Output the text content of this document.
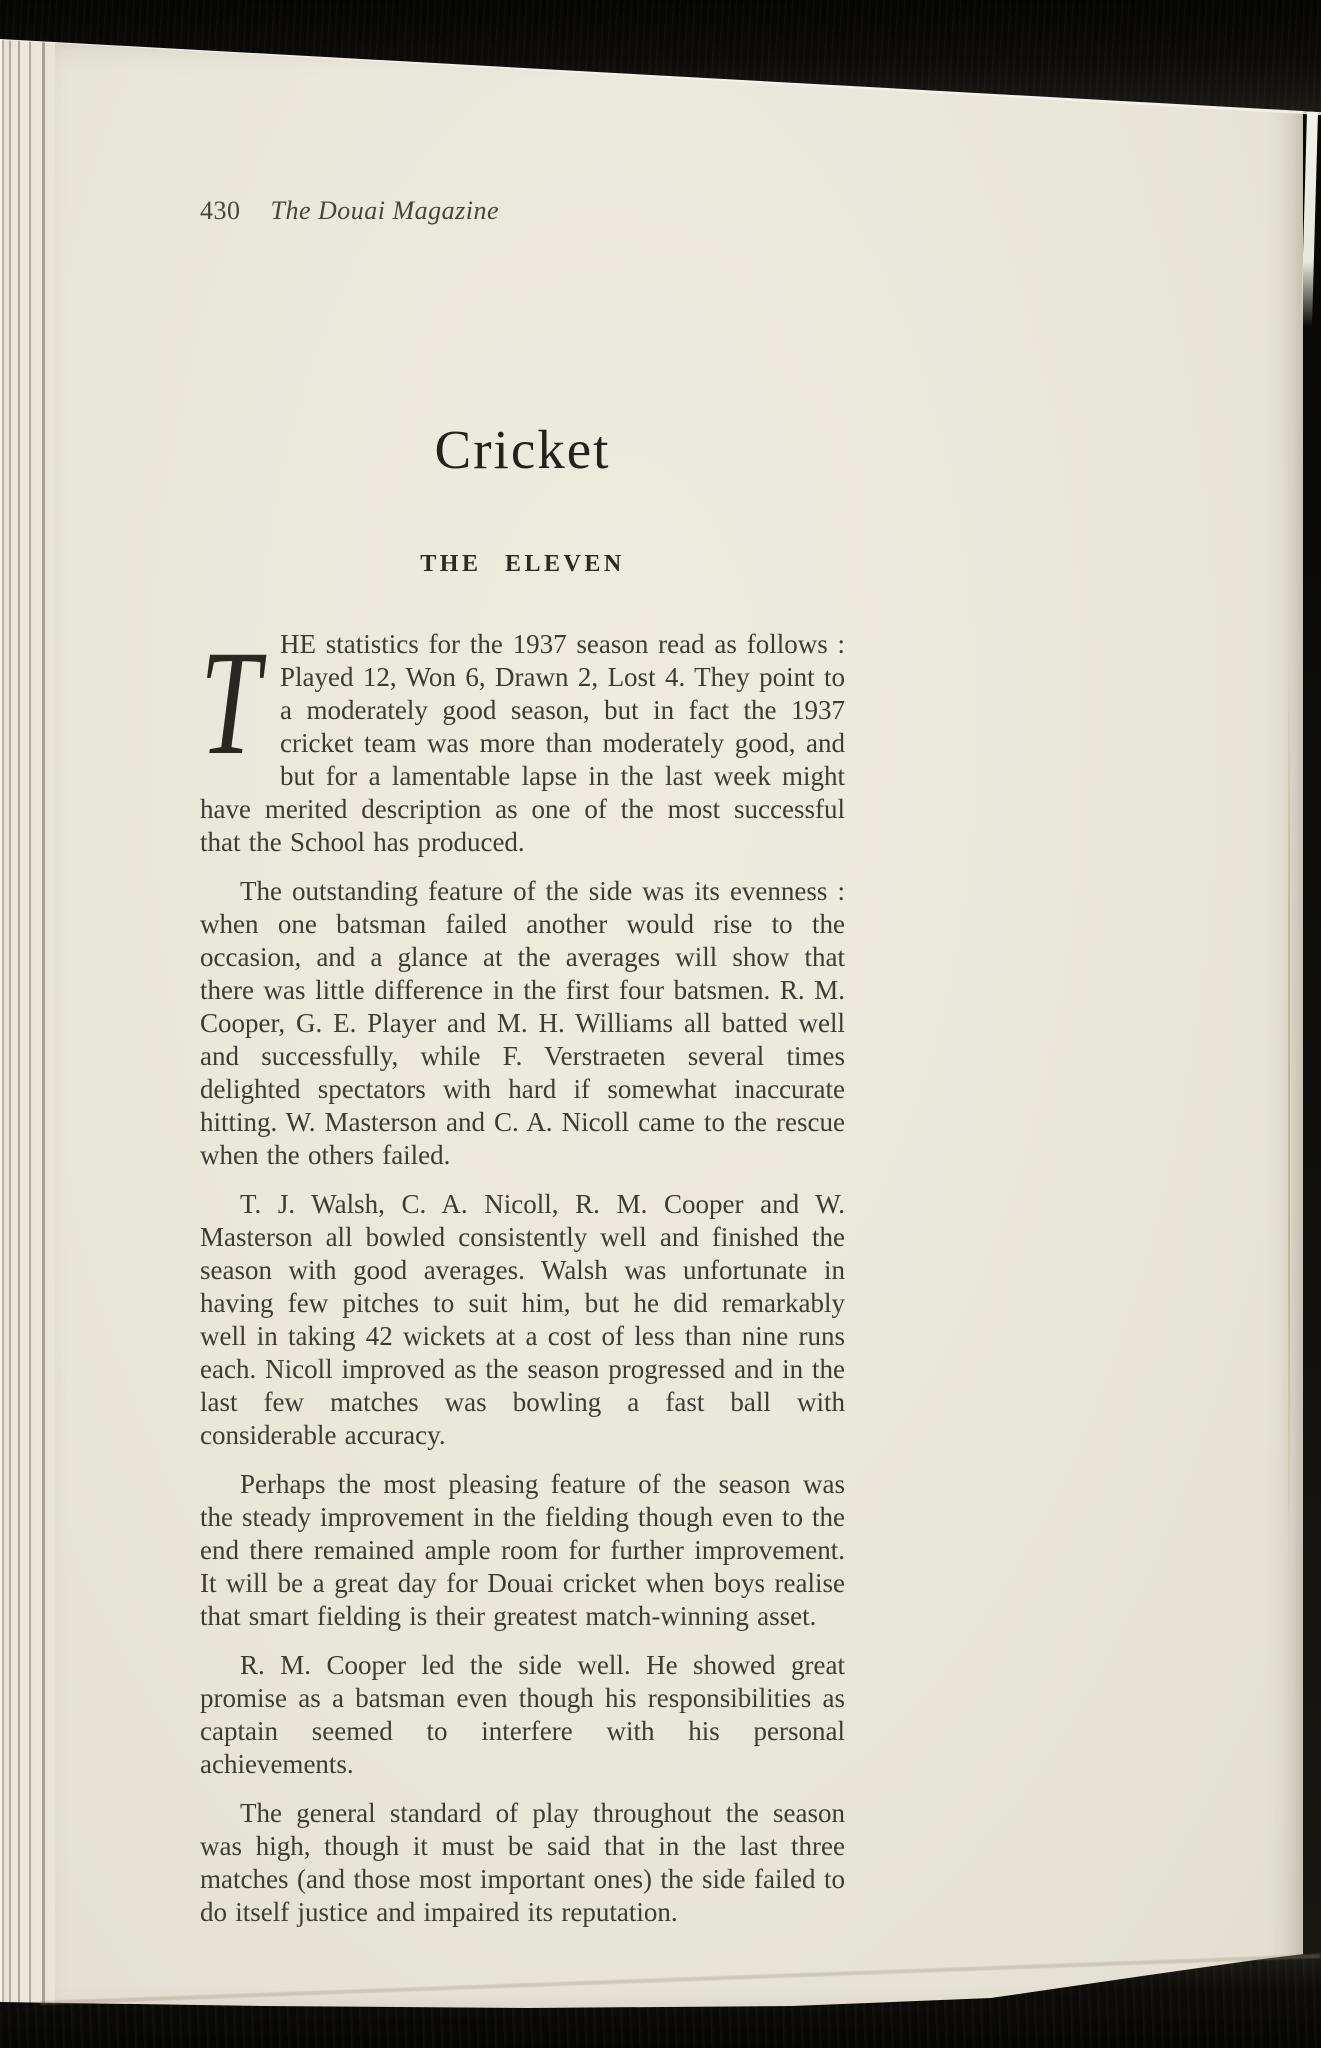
430 The Douai Magazine
Cricket
THE ELEVEN

THE statistics for the 1937 season read as follows : Played 12, Won 6, Drawn 2, Lost 4. They point to a moderately good season, but in fact the 1937 cricket team was more than moderately good, and but for a lamentable lapse in the last week might have merited description as one of the most successful that the School has produced.

The outstanding feature of the side was its evenness : when one batsman failed another would rise to the occasion, and a glance at the averages will show that there was little difference in the first four batsmen. R. M. Cooper, G. E. Player and M. H. Williams all batted well and successfully, while F. Verstraeten several times delighted spectators with hard if somewhat inaccurate hitting. W. Masterson and C. A. Nicoll came to the rescue when the others failed.

T. J. Walsh, C. A. Nicoll, R. M. Cooper and W. Masterson all bowled consistently well and finished the season with good averages. Walsh was unfortunate in having few pitches to suit him, but he did remarkably well in taking 42 wickets at a cost of less than nine runs each. Nicoll improved as the season progressed and in the last few matches was bowling a fast ball with considerable accuracy.

Perhaps the most pleasing feature of the season was the steady improvement in the fielding though even to the end there remained ample room for further improvement. It will be a great day for Douai cricket when boys realise that smart fielding is their greatest match-winning asset.

R. M. Cooper led the side well. He showed great promise as a batsman even though his responsibilities as captain seemed to interfere with his personal achievements.

The general standard of play throughout the season was high, though it must be said that in the last three matches (and those most important ones) the side failed to do itself justice and impaired its reputation.
